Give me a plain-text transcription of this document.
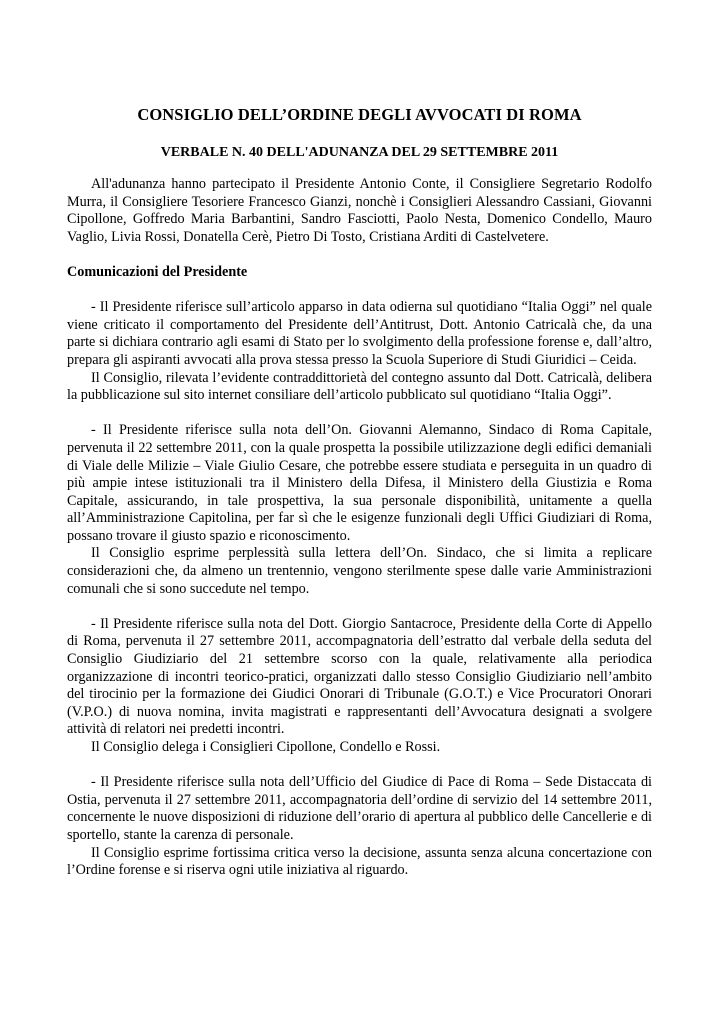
CONSIGLIO DELL’ORDINE DEGLI AVVOCATI DI ROMA
VERBALE N. 40 DELL'ADUNANZA DEL 29 SETTEMBRE 2011

All'adunanza hanno partecipato il Presidente Antonio Conte, il Consigliere Segretario Rodolfo Murra, il Consigliere Tesoriere Francesco Gianzi, nonchè i Consiglieri Alessandro Cassiani, Giovanni Cipollone, Goffredo Maria Barbantini, Sandro Fasciotti, Paolo Nesta, Domenico Condello, Mauro Vaglio, Livia Rossi, Donatella Cerè, Pietro Di Tosto, Cristiana Arditi di Castelvetere.

Comunicazioni del Presidente

- Il Presidente riferisce sull’articolo apparso in data odierna sul quotidiano “Italia Oggi” nel quale viene criticato il comportamento del Presidente dell’Antitrust, Dott. Antonio Catricalà che, da una parte si dichiara contrario agli esami di Stato per lo svolgimento della professione forense e, dall’altro, prepara gli aspiranti avvocati alla prova stessa presso la Scuola Superiore di Studi Giuridici – Ceida.

Il Consiglio, rilevata l’evidente contraddittorietà del contegno assunto dal Dott. Catricalà, delibera la pubblicazione sul sito internet consiliare dell’articolo pubblicato sul quotidiano “Italia Oggi”.

- Il Presidente riferisce sulla nota dell’On. Giovanni Alemanno, Sindaco di Roma Capitale, pervenuta il 22 settembre 2011, con la quale prospetta la possibile utilizzazione degli edifici demaniali di Viale delle Milizie – Viale Giulio Cesare, che potrebbe essere studiata e perseguita in un quadro di più ampie intese istituzionali tra il Ministero della Difesa, il Ministero della Giustizia e Roma Capitale, assicurando, in tale prospettiva, la sua personale disponibilità, unitamente a quella all’Amministrazione Capitolina, per far sì che le esigenze funzionali degli Uffici Giudiziari di Roma, possano trovare il giusto spazio e riconoscimento.

Il Consiglio esprime perplessità sulla lettera dell’On. Sindaco, che si limita a replicare considerazioni che, da almeno un trentennio, vengono sterilmente spese dalle varie Amministrazioni comunali che si sono succedute nel tempo.

- Il Presidente riferisce sulla nota del Dott. Giorgio Santacroce, Presidente della Corte di Appello di Roma, pervenuta il 27 settembre 2011, accompagnatoria dell’estratto dal verbale della seduta del Consiglio Giudiziario del 21 settembre scorso con la quale, relativamente alla periodica organizzazione di incontri teorico-pratici, organizzati dallo stesso Consiglio Giudiziario nell’ambito del tirocinio per la formazione dei Giudici Onorari di Tribunale (G.O.T.) e Vice Procuratori Onorari (V.P.O.) di nuova nomina, invita magistrati e rappresentanti dell’Avvocatura designati a svolgere attività di relatori nei predetti incontri.

Il Consiglio delega i Consiglieri Cipollone, Condello e Rossi.

- Il Presidente riferisce sulla nota dell’Ufficio del Giudice di Pace di Roma – Sede Distaccata di Ostia, pervenuta il 27 settembre 2011, accompagnatoria dell’ordine di servizio del 14 settembre 2011, concernente le nuove disposizioni di riduzione dell’orario di apertura al pubblico delle Cancellerie e di sportello, stante la carenza di personale.

Il Consiglio esprime fortissima critica verso la decisione, assunta senza alcuna concertazione con l’Ordine forense e si riserva ogni utile iniziativa al riguardo.
